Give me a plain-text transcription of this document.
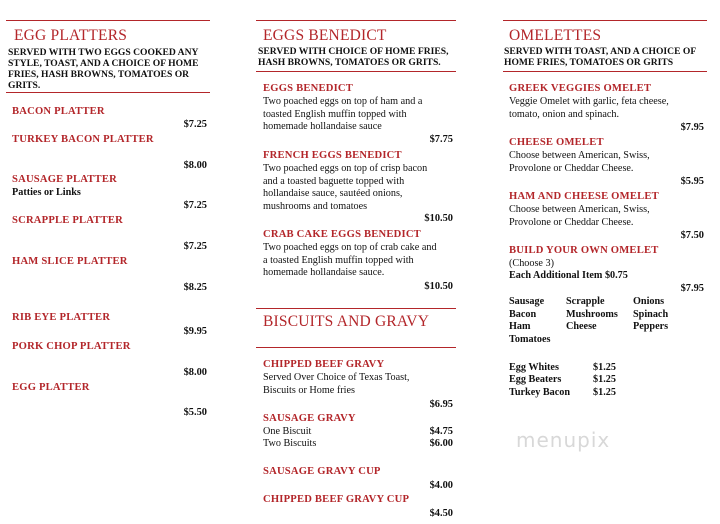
EGG PLATTERS
SERVED WITH TWO EGGS COOKED ANY STYLE, TOAST, AND A CHOICE OF HOME FRIES, HASH BROWNS, TOMATOES OR GRITS.
BACON PLATTER
$7.25
TURKEY BACON PLATTER
$8.00
SAUSAGE PLATTER
Patties or Links
$7.25
SCRAPPLE PLATTER
$7.25
HAM SLICE PLATTER
$8.25
RIB EYE PLATTER
$9.95
PORK CHOP PLATTER
$8.00
EGG PLATTER
$5.50
EGGS BENEDICT
SERVED WITH CHOICE OF HOME FRIES, HASH BROWNS, TOMATOES OR GRITS.
EGGS BENEDICT
Two poached eggs on top of ham and a toasted English muffin topped with homemade hollandaise sauce
$7.75
FRENCH EGGS BENEDICT
Two poached eggs on top of crisp bacon and a toasted baguette topped with hollandaise sauce, sautéed onions, mushrooms and tomatoes
$10.50
CRAB CAKE EGGS BENEDICT
Two poached eggs on top of crab cake and a toasted English muffin topped with homemade hollandaise sauce.
$10.50
BISCUITS AND GRAVY
CHIPPED BEEF GRAVY
Served Over Choice of Texas Toast, Biscuits or Home fries
$6.95
SAUSAGE GRAVY
One Biscuit	$4.75
Two Biscuits	$6.00
SAUSAGE GRAVY CUP
$4.00
CHIPPED BEEF GRAVY CUP
$4.50
OMELETTES
SERVED WITH TOAST, AND A CHOICE OF HOME FRIES, TOMATOES OR GRITS
GREEK VEGGIES OMELET
Veggie Omelet with garlic, feta cheese, tomato, onion and spinach.
$7.95
CHEESE OMELET
Choose between American, Swiss, Provolone or Cheddar Cheese.
$5.95
HAM AND CHEESE OMELET
Choose between American, Swiss, Provolone or Cheddar Cheese.
$7.50
BUILD YOUR OWN OMELET
(Choose 3)
Each Additional Item $0.75
$7.95
Sausage Scrapple	Onions
Bacon	Mushrooms Spinach
Ham	Cheese	Peppers
Tomatoes
Egg Whites	$1.25
Egg Beaters	$1.25
Turkey Bacon $1.25
menupix
